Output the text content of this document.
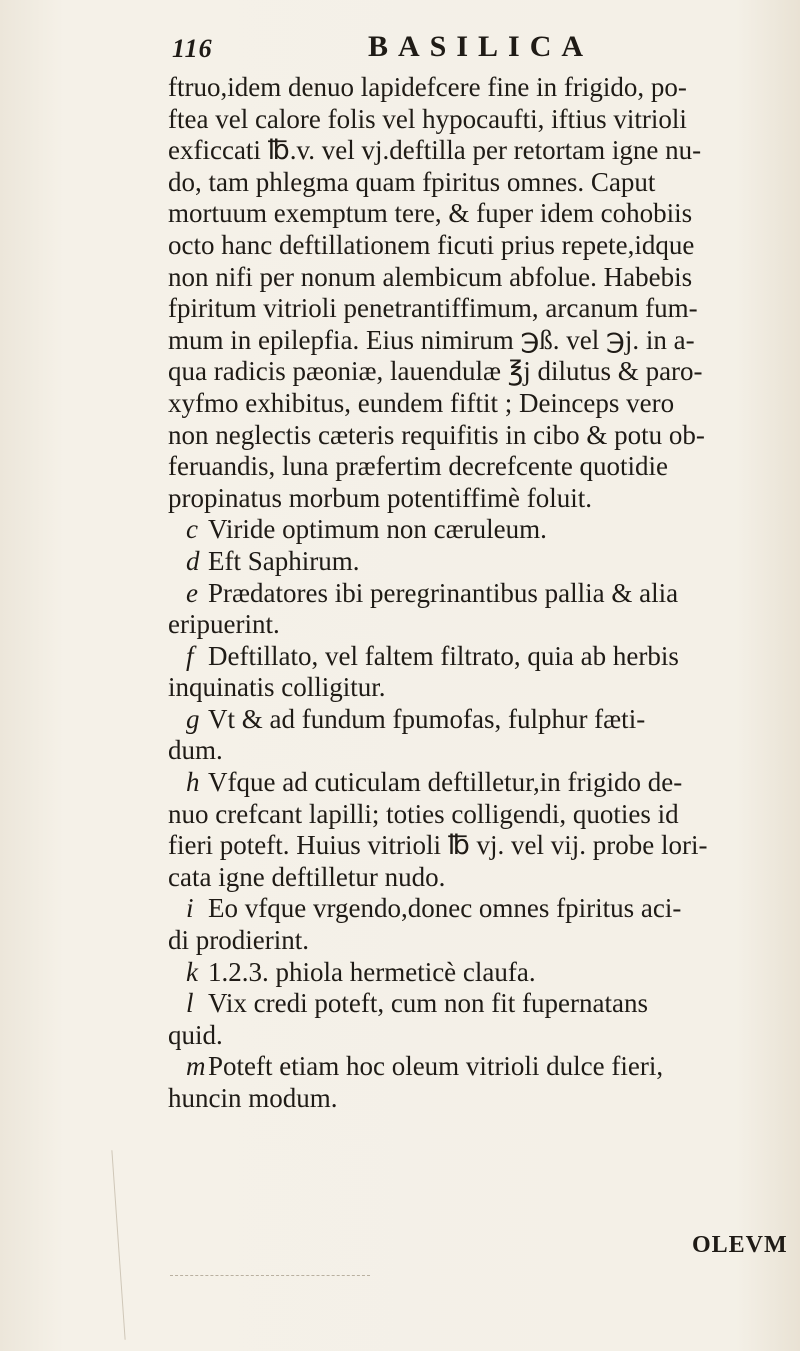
116	BASILICA
ftruo,idem denuo lapidefcere fine in frigido, po-
ftea vel calore folis vel hypocaufti, iftius vitrioli
exficcati ℔.v. vel vj.deftilla per retortam igne nu-
do, tam phlegma quam fpiritus omnes. Caput
mortuum exemptum tere, & fuper idem cohobiis
octo hanc deftillationem ficuti prius repete,idque
non nifi per nonum alembicum abfolue. Habebis
fpiritum vitrioli penetrantiffimum, arcanum fum-
mum in epilepfia. Eius nimirum ℈ß. vel ℈j. in a-
qua radicis pæoniæ, lauendulæ ℥j dilutus & paro-
xyfmo exhibitus, eundem fiftit ; Deinceps vero
non neglectis cæteris requifitis in cibo & potu ob-
feruandis, luna præfertim decrefcente quotidie
propinatus morbum potentiffimè foluit.
c Viride optimum non cæruleum.
d Eft Saphirum.
e Prædatores ibi peregrinantibus pallia & alia
eripuerint.
f Deftillato, vel faltem filtrato, quia ab herbis
inquinatis colligitur.
g Vt & ad fundum fpumofas, fulphur fæti-
dum.
h Vfque ad cuticulam deftilletur,in frigido de-
nuo crefcant lapilli; toties colligendi, quoties id
fieri poteft. Huius vitrioli ℔ vj. vel vij. probe lori-
cata igne deftilletur nudo.
i Eo vfque vrgendo,donec omnes fpiritus aci-
di prodierint.
k 1.2.3. phiola hermeticè claufa.
l Vix credi poteft, cum non fit fupernatans
quid.
mPoteft etiam hoc oleum vitrioli dulce fieri,
huncin modum.
OLEVM
